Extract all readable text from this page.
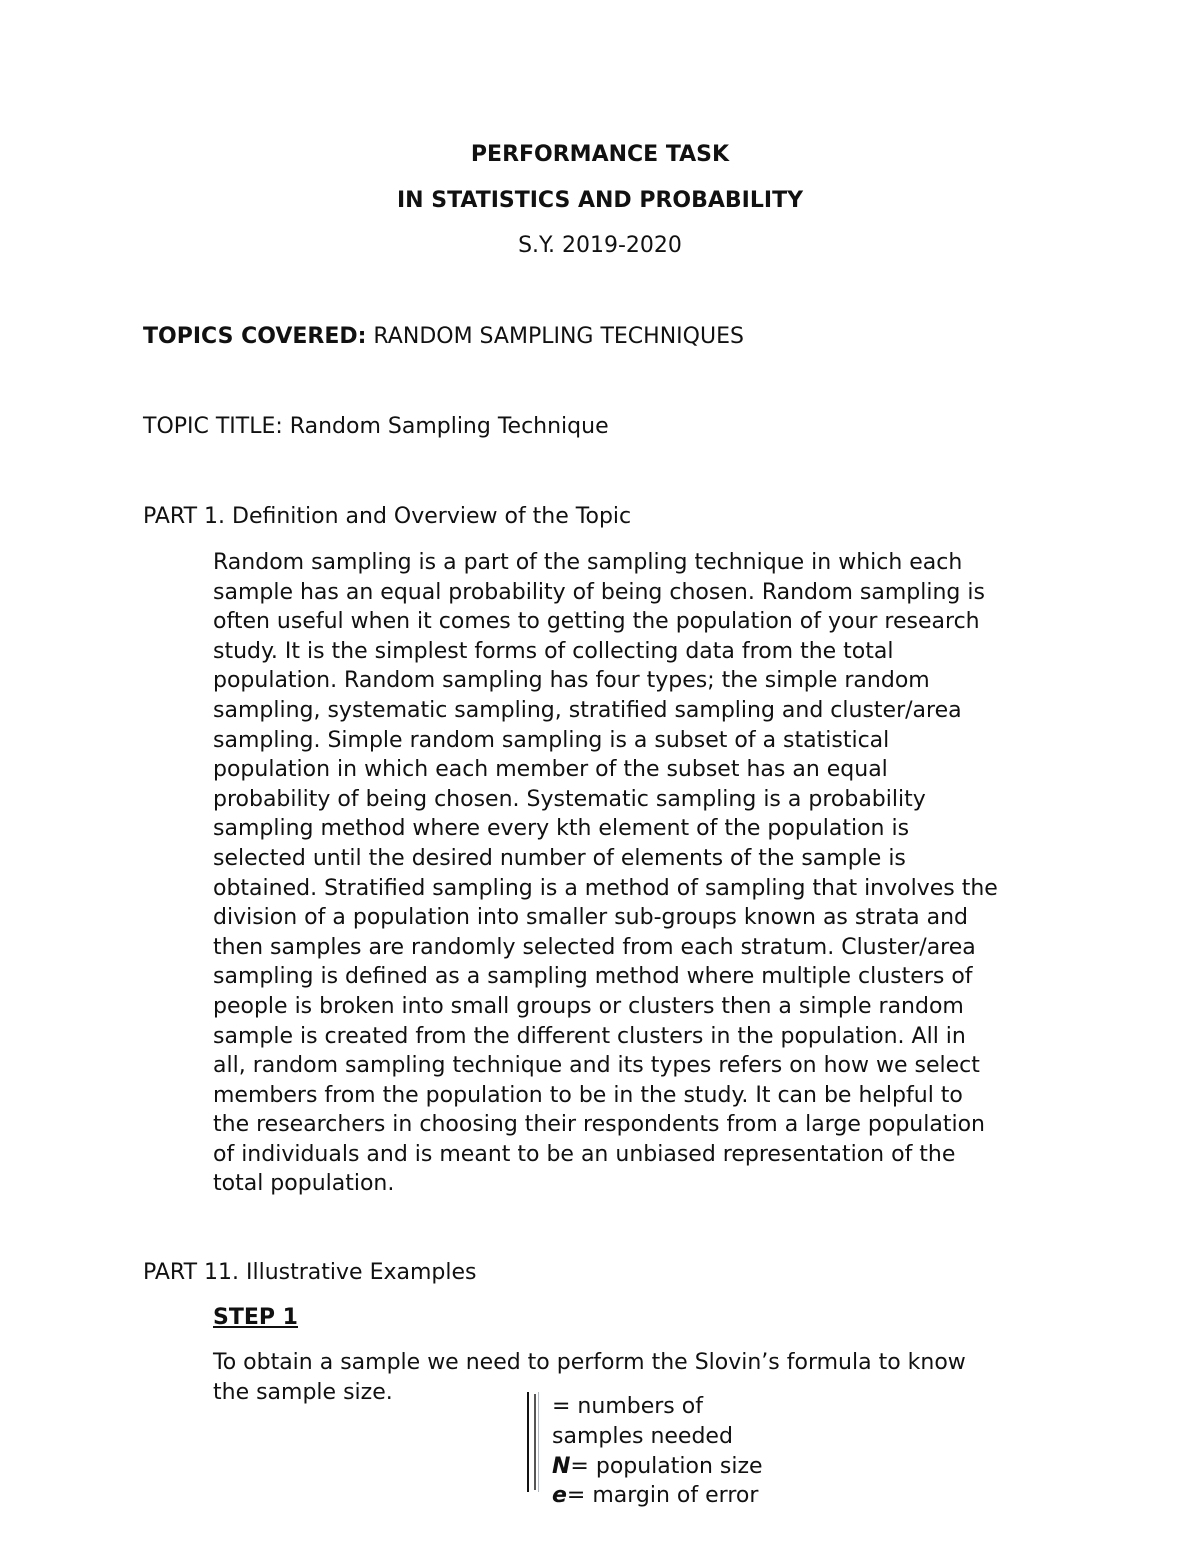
PERFORMANCE TASK
IN STATISTICS AND PROBABILITY
S.Y. 2019-2020
TOPICS COVERED: RANDOM SAMPLING TECHNIQUES
TOPIC TITLE: Random Sampling Technique
PART 1. Definition and Overview of the Topic
Random sampling is a part of the sampling technique in which each
sample has an equal probability of being chosen. Random sampling is
often useful when it comes to getting the population of your research
study. It is the simplest forms of collecting data from the total
population. Random sampling has four types; the simple random
sampling, systematic sampling, stratified sampling and cluster/area
sampling. Simple random sampling is a subset of a statistical
population in which each member of the subset has an equal
probability of being chosen. Systematic sampling is a probability
sampling method where every kth element of the population is
selected until the desired number of elements of the sample is
obtained. Stratified sampling is a method of sampling that involves the
division of a population into smaller sub-groups known as strata and
then samples are randomly selected from each stratum. Cluster/area
sampling is defined as a sampling method where multiple clusters of
people is broken into small groups or clusters then a simple random
sample is created from the different clusters in the population. All in
all, random sampling technique and its types refers on how we select
members from the population to be in the study. It can be helpful to
the researchers in choosing their respondents from a large population
of individuals and is meant to be an unbiased representation of the
total population.
PART 11. Illustrative Examples
STEP 1
To obtain a sample we need to perform the Slovin’s formula to know
the sample size.
= numbers of
samples needed
N= population size
e= margin of error
